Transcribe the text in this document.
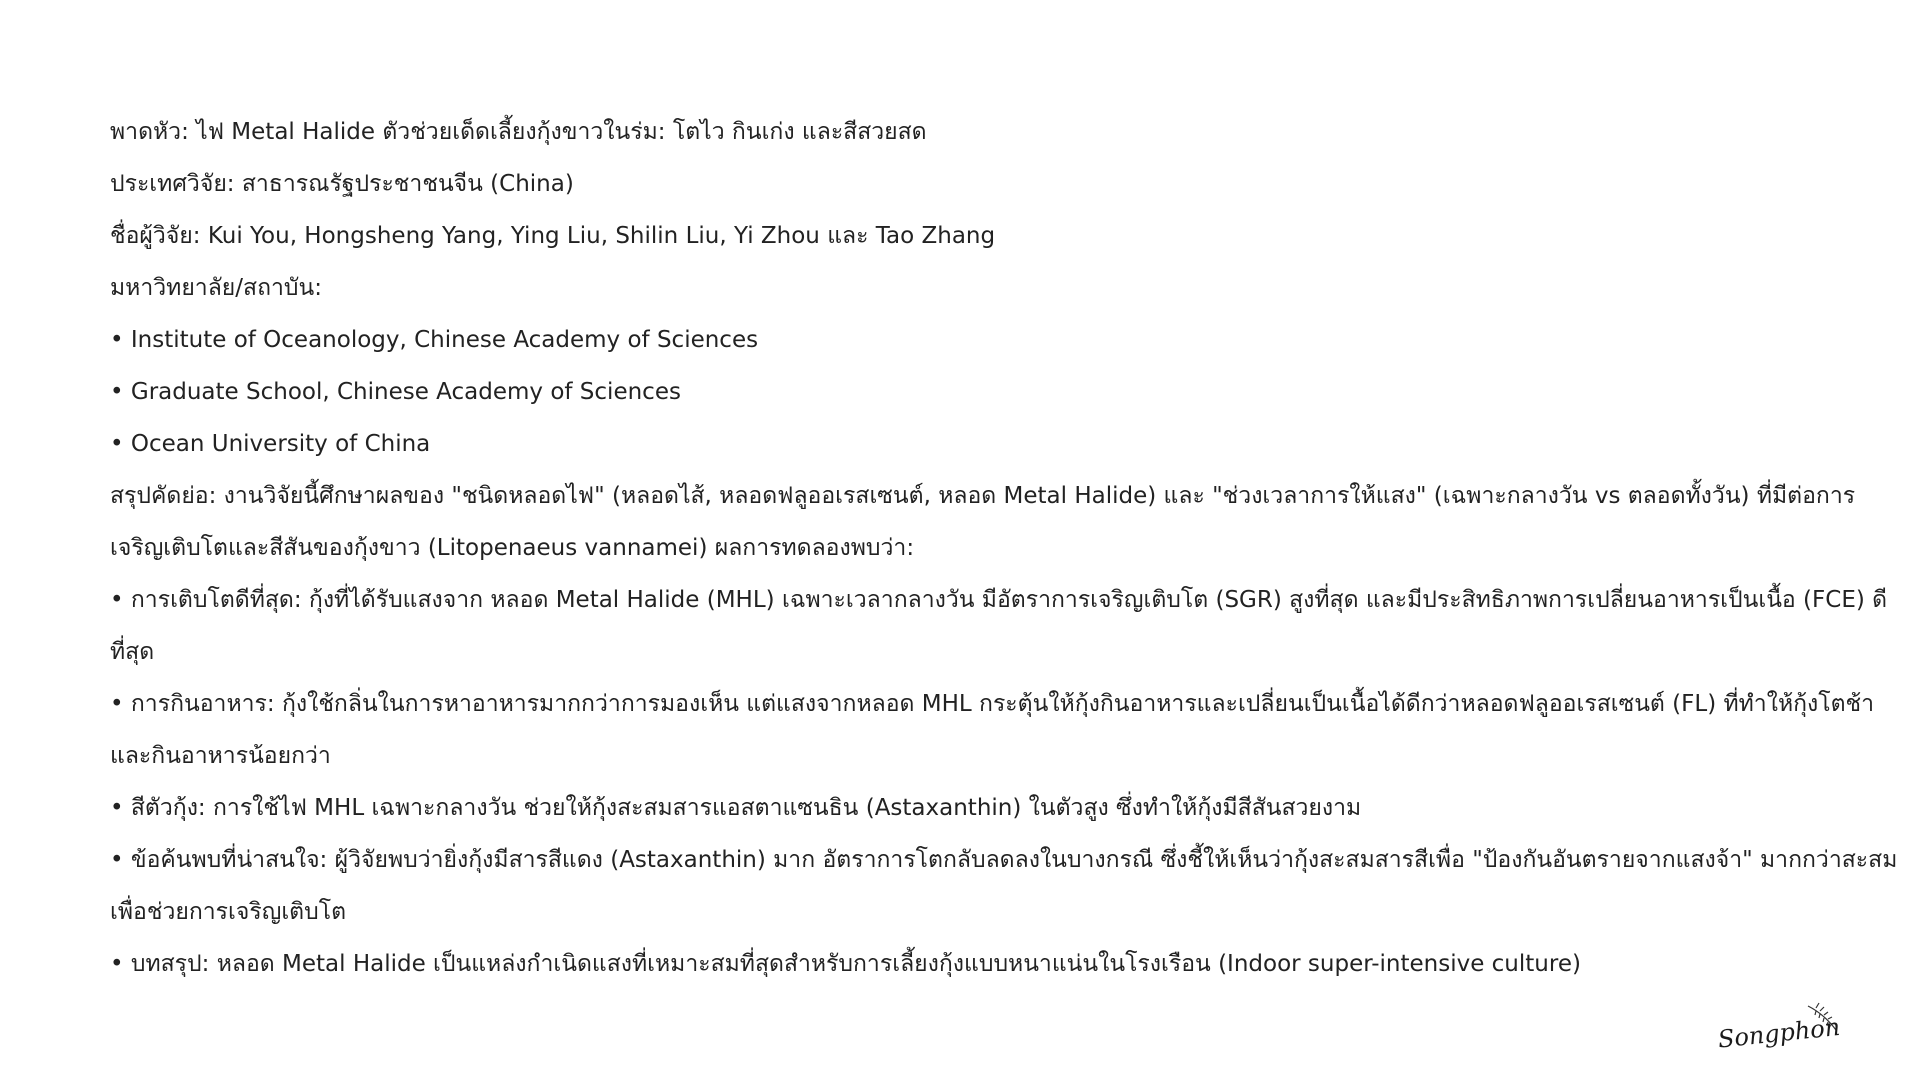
พาดหัว: ไฟ Metal Halide ตัวช่วยเด็ดเลี้ยงกุ้งขาวในร่ม: โตไว กินเก่ง และสีสวยสด

ประเทศวิจัย: สาธารณรัฐประชาชนจีน (China)

ชื่อผู้วิจัย: Kui You, Hongsheng Yang, Ying Liu, Shilin Liu, Yi Zhou และ Tao Zhang

มหาวิทยาลัย/สถาบัน:

• Institute of Oceanology, Chinese Academy of Sciences

• Graduate School, Chinese Academy of Sciences

• Ocean University of China

สรุปคัดย่อ: งานวิจัยนี้ศึกษาผลของ "ชนิดหลอดไฟ" (หลอดไส้, หลอดฟลูออเรสเซนต์, หลอด Metal Halide) และ "ช่วงเวลาการให้แสง" (เฉพาะกลางวัน vs ตลอดทั้งวัน) ที่มีต่อการ

เจริญเติบโตและสีสันของกุ้งขาว (Litopenaeus vannamei) ผลการทดลองพบว่า:

• การเติบโตดีที่สุด: กุ้งที่ได้รับแสงจาก หลอด Metal Halide (MHL) เฉพาะเวลากลางวัน มีอัตราการเจริญเติบโต (SGR) สูงที่สุด และมีประสิทธิภาพการเปลี่ยนอาหารเป็นเนื้อ (FCE) ดี

ที่สุด

• การกินอาหาร: กุ้งใช้กลิ่นในการหาอาหารมากกว่าการมองเห็น แต่แสงจากหลอด MHL กระตุ้นให้กุ้งกินอาหารและเปลี่ยนเป็นเนื้อได้ดีกว่าหลอดฟลูออเรสเซนต์ (FL) ที่ทำให้กุ้งโตช้า

และกินอาหารน้อยกว่า

• สีตัวกุ้ง: การใช้ไฟ MHL เฉพาะกลางวัน ช่วยให้กุ้งสะสมสารแอสตาแซนธิน (Astaxanthin) ในตัวสูง ซึ่งทำให้กุ้งมีสีสันสวยงาม

• ข้อค้นพบที่น่าสนใจ: ผู้วิจัยพบว่ายิ่งกุ้งมีสารสีแดง (Astaxanthin) มาก อัตราการโตกลับลดลงในบางกรณี ซึ่งชี้ให้เห็นว่ากุ้งสะสมสารสีเพื่อ "ป้องกันอันตรายจากแสงจ้า" มากกว่าสะสม

เพื่อช่วยการเจริญเติบโต

• บทสรุป: หลอด Metal Halide เป็นแหล่งกำเนิดแสงที่เหมาะสมที่สุดสำหรับการเลี้ยงกุ้งแบบหนาแน่นในโรงเรือน (Indoor super-intensive culture)

Songphon
